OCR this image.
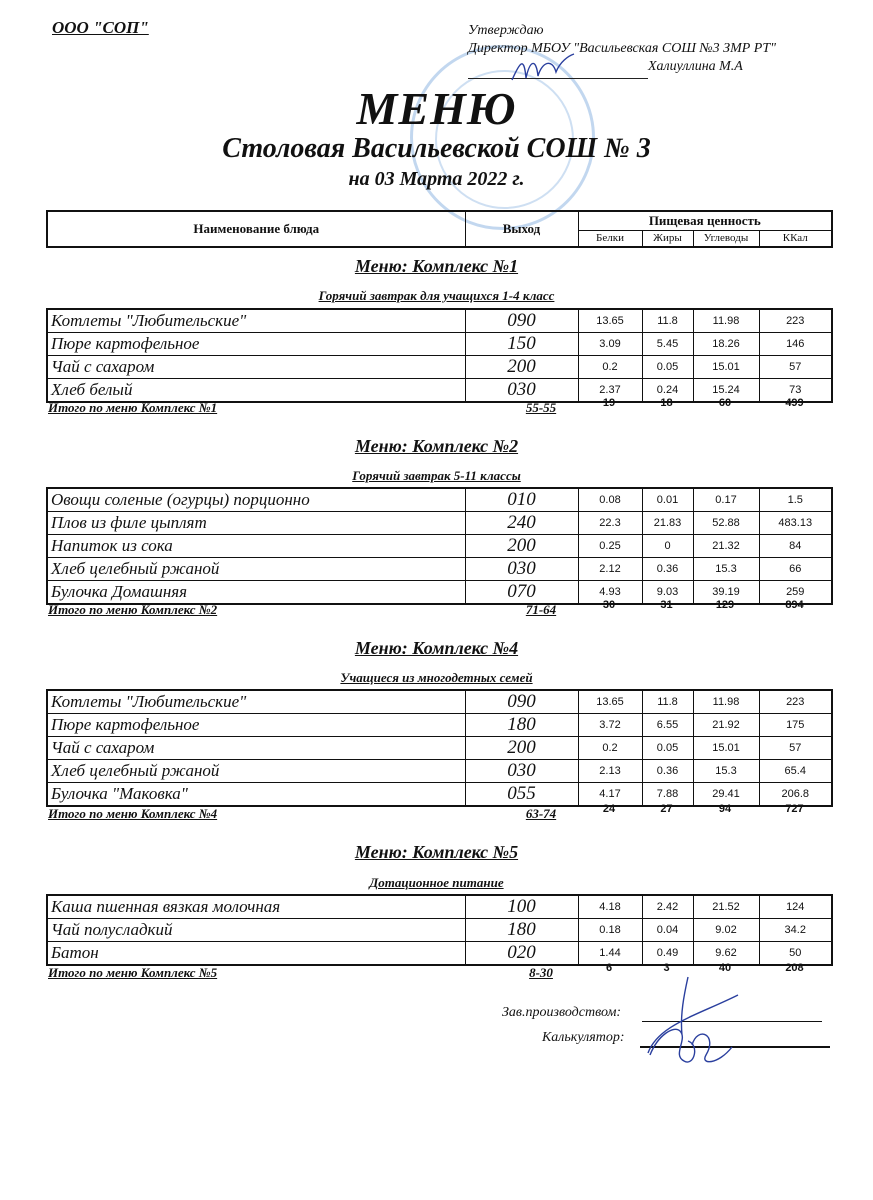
ООО "СОП"	Утверждаю
Директор МБОУ "Васильевская СОШ №3 ЗМР РТ"
Халиуллина М.А
МЕНЮ
Столовая Васильевской СОШ № 3
на 03 Марта 2022 г.
Наименование блюда	Выход	Пищевая ценность			
		Белки	Жиры	Углеводы	ККал
Меню: Комплекс №1
Горячий завтрак для учащихся 1-4 класс
Котлеты "Любительские"	090	13.65	11.8	11.98	223
Пюре картофельное	150	3.09	5.45	18.26	146
Чай с сахаром	200	0.2	0.05	15.01	57
Хлеб белый	030	2.37	0.24	15.24	73
Итого по меню Комплекс №1	55-55	19	18	60	499
Меню: Комплекс №2
Горячий завтрак 5-11 классы
Овощи соленые (огурцы) порционно	010	0.08	0.01	0.17	1.5
Плов из филе цыплят	240	22.3	21.83	52.88	483.13
Напиток из сока	200	0.25	0	21.32	84
Хлеб целебный ржаной	030	2.12	0.36	15.3	66
Булочка Домашняя	070	4.93	9.03	39.19	259
Итого по меню Комплекс №2	71-64	30	31	129	894
Меню: Комплекс №4
Учащиеся из многодетных семей
Котлеты "Любительские"	090	13.65	11.8	11.98	223
Пюре картофельное	180	3.72	6.55	21.92	175
Чай с сахаром	200	0.2	0.05	15.01	57
Хлеб целебный ржаной	030	2.13	0.36	15.3	65.4
Булочка "Маковка"	055	4.17	7.88	29.41	206.8
Итого по меню Комплекс №4	63-74	24	27	94	727
Меню: Комплекс №5
Дотационное питание
Каша пшенная вязкая молочная	100	4.18	2.42	21.52	124
Чай полусладкий	180	0.18	0.04	9.02	34.2
Батон	020	1.44	0.49	9.62	50
Итого по меню Комплекс №5	8-30	6	3	40	208
Зав.производством:
Калькулятор:
